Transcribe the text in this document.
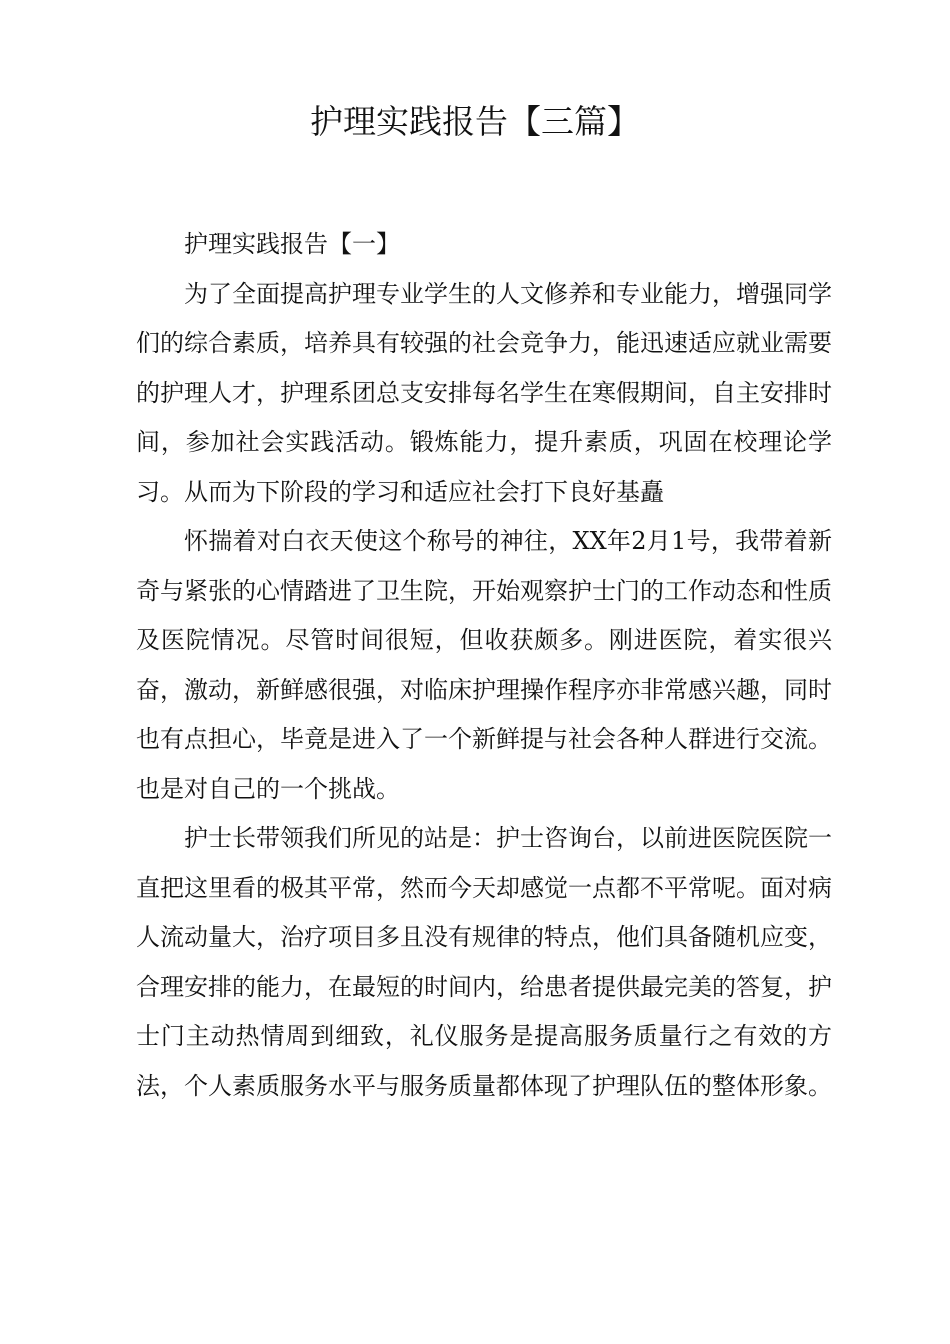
护理实践报告【三篇】

护理实践报告【一】

为了全面提高护理专业学生的人文修养和专业能力，增强同学们的综合素质，培养具有较强的社会竞争力，能迅速适应就业需要的护理人才，护理系团总支安排每名学生在寒假期间，自主安排时间，参加社会实践活动。锻炼能力，提升素质，巩固在校理论学习。从而为下阶段的学习和适应社会打下良好基矗

怀揣着对白衣天使这个称号的神往，XX年2月1号，我带着新奇与紧张的心情踏进了卫生院，开始观察护士门的工作动态和性质及医院情况。尽管时间很短，但收获颇多。刚进医院，着实很兴奋，激动，新鲜感很强，对临床护理操作程序亦非常感兴趣，同时也有点担心，毕竟是进入了一个新鲜提与社会各种人群进行交流。也是对自己的一个挑战。

护士长带领我们所见的站是：护士咨询台，以前进医院医院一直把这里看的极其平常，然而今天却感觉一点都不平常呢。面对病人流动量大，治疗项目多且没有规律的特点，他们具备随机应变，合理安排的能力，在最短的时间内，给患者提供最完美的答复，护士门主动热情周到细致，礼仪服务是提高服务质量行之有效的方法，个人素质服务水平与服务质量都体现了护理队伍的整体形象。
